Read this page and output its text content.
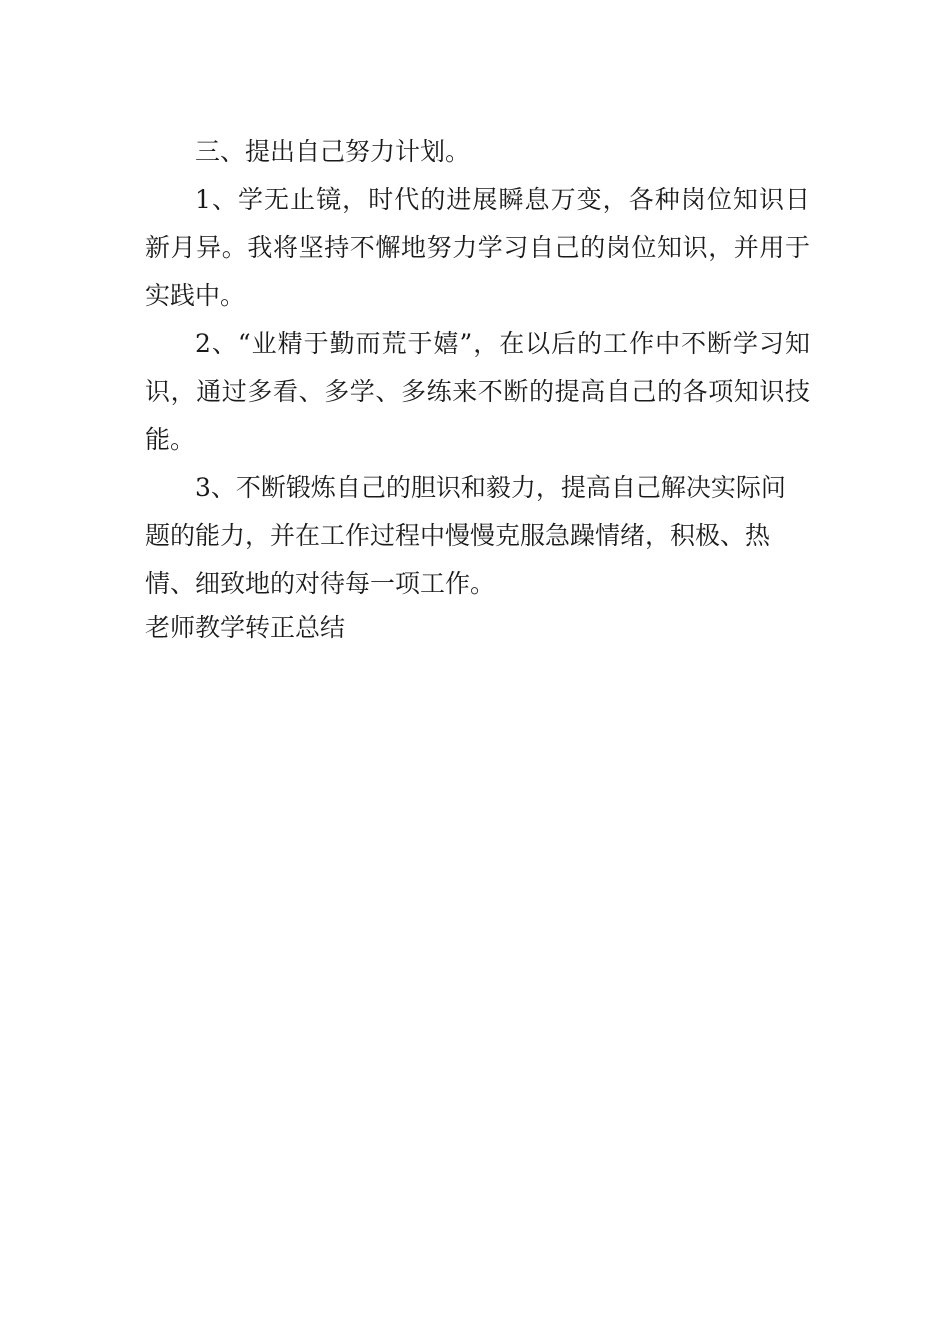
三、提出自己努力计划。

1、学无止镜，时代的进展瞬息万变，各种岗位知识日新月异。我将坚持不懈地努力学习自己的岗位知识，并用于实践中。

2、“业精于勤而荒于嬉”，在以后的工作中不断学习知识，通过多看、多学、多练来不断的提高自己的各项知识技能。

3、不断锻炼自己的胆识和毅力，提高自己解决实际问题的能力，并在工作过程中慢慢克服急躁情绪，积极、热情、细致地的对待每一项工作。

老师教学转正总结
